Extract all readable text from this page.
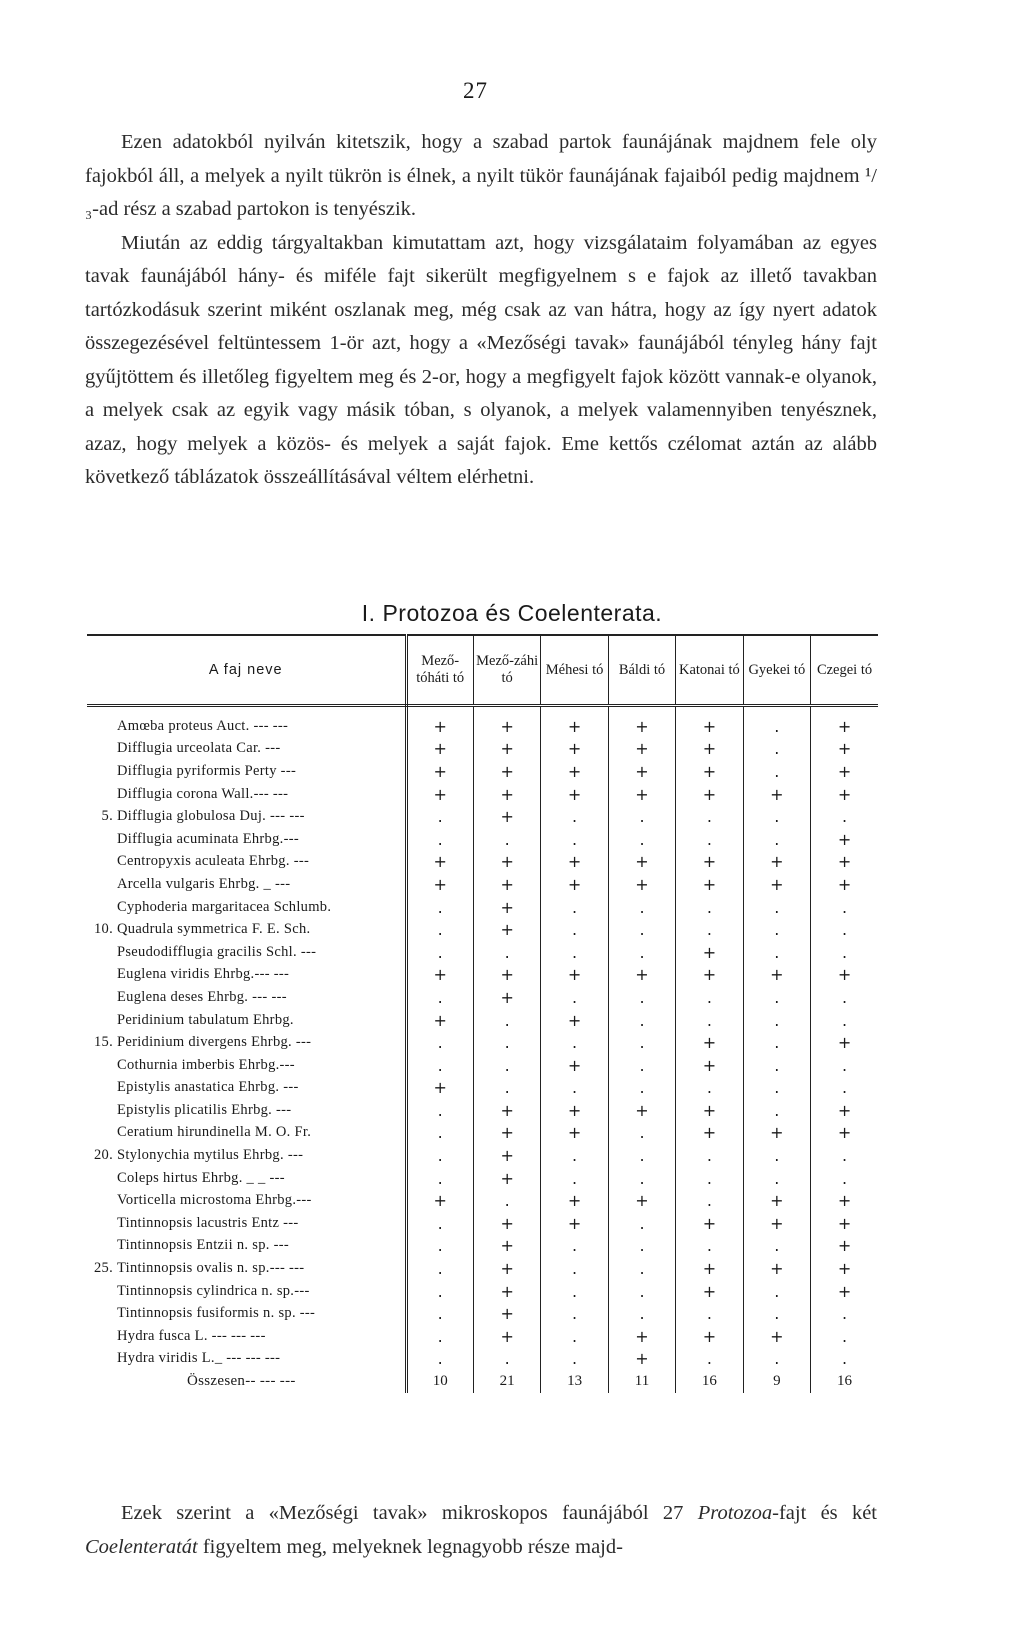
27

Ezen adatokból nyilván kitetszik, hogy a szabad partok faunájának majdnem fele oly fajokból áll, a melyek a nyilt tükrön is élnek, a nyilt tükör faunájának fajaiból pedig majdnem ¹/₃-ad rész a szabad partokon is tenyészik.

Miután az eddig tárgyaltakban kimutattam azt, hogy vizsgálataim folyamában az egyes tavak faunájából hány- és miféle fajt sikerült megfigyelnem s e fajok az illető tavakban tartózkodásuk szerint miként oszlanak meg, még csak az van hátra, hogy az így nyert adatok összegezésével feltüntessem 1-ör azt, hogy a «Mezőségi tavak» faunájából tényleg hány fajt gyűjtöttem és illetőleg figyeltem meg és 2-or, hogy a megfigyelt fajok között vannak-e olyanok, a melyek csak az egyik vagy másik tóban, s olyanok, a melyek valamennyiben tenyésznek, azaz, hogy melyek a közös- és melyek a saját fajok. Eme kettős czélomat aztán az alább következő táblázatok összeállításával véltem elérhetni.

I. Protozoa és Coelenterata.
A faj neve	Mező-tóháti tó	Mező-záhi tó	Méhesi tó	Báldi tó	Katonai tó	Gyekei tó	Czegei tó
Amœba proteus Auct. --- ---	+	+	+	+	+	.	+
Difflugia urceolata Car. ---	+	+	+	+	+	.	+
Difflugia pyriformis Perty ---	+	+	+	+	+	.	+
Difflugia corona Wall.--- ---	+	+	+	+	+	+	+
5. Difflugia globulosa Duj. --- ---	.	+	.	.	.	.	.
Difflugia acuminata Ehrbg.---	.	.	.	.	.	.	+
Centropyxis aculeata Ehrbg. ---	+	+	+	+	+	+	+
Arcella vulgaris Ehrbg. _ ---	+	+	+	+	+	+	+
Cyphoderia margaritacea Schlumb.	.	+	.	.	.	.	.
10. Quadrula symmetrica F. E. Sch.	.	+	.	.	.	.	.
Pseudodifflugia gracilis Schl. ---	.	.	.	.	+	.	.
Euglena viridis Ehrbg.--- ---	+	+	+	+	+	+	+
Euglena deses Ehrbg. --- ---	.	+	.	.	.	.	.
Peridinium tabulatum Ehrbg.	+	.	+	.	.	.	.
15. Peridinium divergens Ehrbg. ---	.	.	.	.	+	.	+
Cothurnia imberbis Ehrbg.---	.	.	+	.	+	.	.
Epistylis anastatica Ehrbg. ---	+	.	.	.	.	.	.
Epistylis plicatilis Ehrbg. ---	.	+	+	+	+	.	+
Ceratium hirundinella M. O. Fr.	.	+	+	.	+	+	+
20. Stylonychia mytilus Ehrbg. ---	.	+	.	.	.	.	.
Coleps hirtus Ehrbg. _ _ ---	.	+	.	.	.	.	.
Vorticella microstoma Ehrbg.---	+	.	+	+	.	+	+
Tintinnopsis lacustris Entz ---	.	+	+	.	+	+	+
Tintinnopsis Entzii n. sp. ---	.	+	.	.	.	.	+
25. Tintinnopsis ovalis n. sp.--- ---	.	+	.	.	+	+	+
Tintinnopsis cylindrica n. sp.---	.	+	.	.	+	.	+
Tintinnopsis fusiformis n. sp. ---	.	+	.	.	.	.	.
Hydra fusca L. --- --- ---	.	+	.	+	+	+	.
Hydra viridis L._ --- --- ---	.	.	.	+	.	.	.
Összesen-- --- ---	10	21	13	11	16	9	16

Ezek szerint a «Mezőségi tavak» mikroskopos faunájából 27 Protozoa-fajt és két Coelenteratát figyeltem meg, melyeknek legnagyobb része majd-
